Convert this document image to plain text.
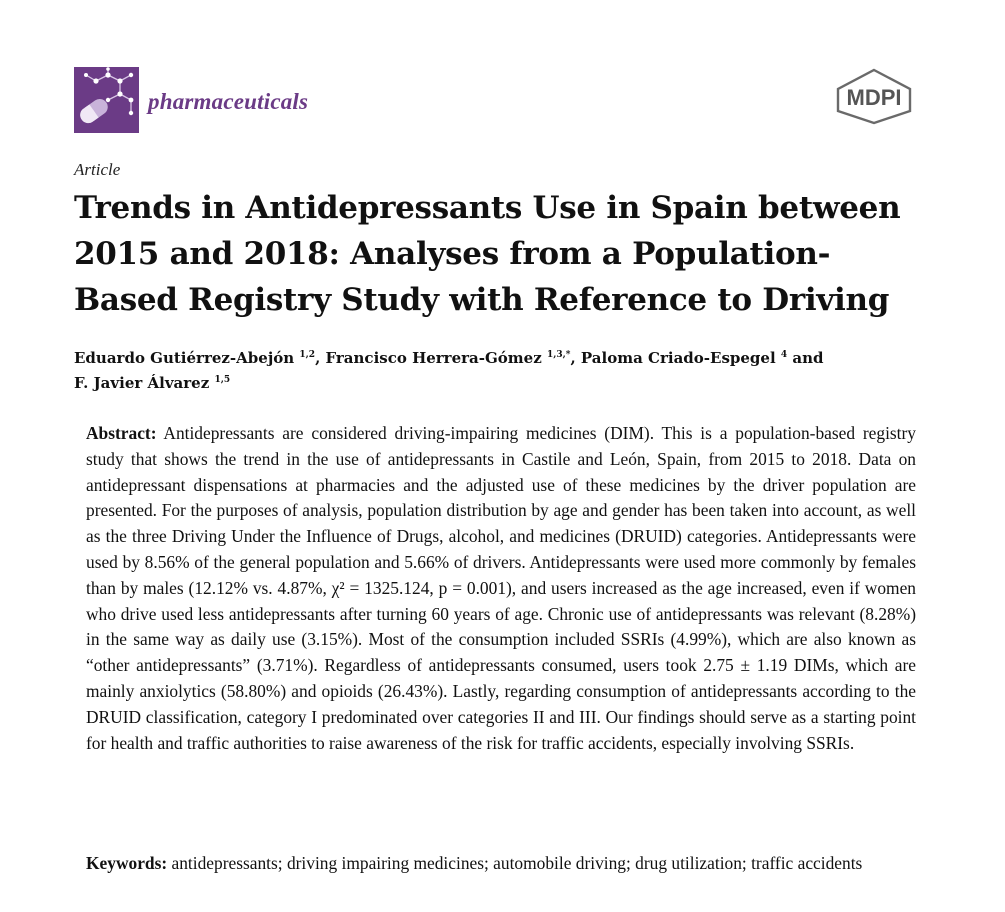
pharmaceuticals	MDPI
Article
Trends in Antidepressants Use in Spain between 2015 and 2018: Analyses from a Population-Based Registry Study with Reference to Driving
Eduardo Gutiérrez-Abejón $^{1,2}$, Francisco Herrera-Gómez $^{1,3,*}$, Paloma Criado-Espegel $^4$ and
F. Javier Álvarez $^{1,5}$
Abstract: Antidepressants are considered driving-impairing medicines (DIM). This is a population-based registry study that shows the trend in the use of antidepressants in Castile and León, Spain, from 2015 to 2018. Data on antidepressant dispensations at pharmacies and the adjusted use of these medicines by the driver population are presented. For the purposes of analysis, population distribution by age and gender has been taken into account, as well as the three Driving Under the Influence of Drugs, alcohol, and medicines (DRUID) categories. Antidepressants were used by 8.56% of the general population and 5.66% of drivers. Antidepressants were used more commonly by females than by males (12.12% vs. 4.87%, χ² = 1325.124, p = 0.001), and users increased as the age increased, even if women who drive used less antidepressants after turning 60 years of age. Chronic use of antidepressants was relevant (8.28%) in the same way as daily use (3.15%). Most of the consumption included SSRIs (4.99%), which are also known as “other antidepressants” (3.71%). Regardless of antidepressants consumed, users took 2.75 ± 1.19 DIMs, which are mainly anxiolytics (58.80%) and opioids (26.43%). Lastly, regarding consumption of antidepressants according to the DRUID classification, category I predominated over categories II and III. Our findings should serve as a starting point for health and traffic authorities to raise awareness of the risk for traffic accidents, especially involving SSRIs.
Keywords: antidepressants; driving impairing medicines; automobile driving; drug utilization; traffic accidents
